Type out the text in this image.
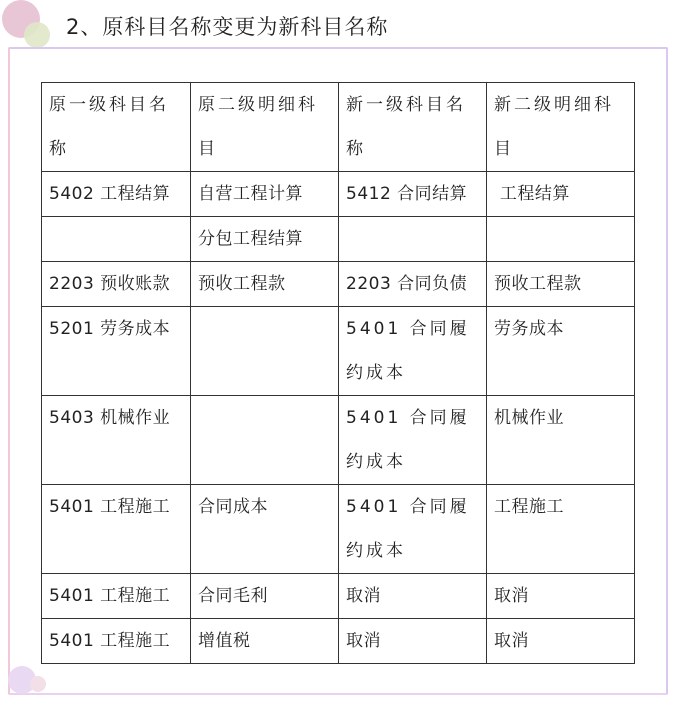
2、原科目名称变更为新科目名称
原一级科目名称	原二级明细科目	新一级科目名称	新二级明细科目
5402 工程结算	自营工程计算	5412 合同结算	工程结算
	分包工程结算		
2203 预收账款	预收工程款	2203 合同负债	预收工程款
5201 劳务成本		5401 合同履约成本	劳务成本
5403 机械作业		5401 合同履约成本	机械作业
5401 工程施工	合同成本	5401 合同履约成本	工程施工
5401 工程施工	合同毛利	取消	取消
5401 工程施工	增值税	取消	取消
